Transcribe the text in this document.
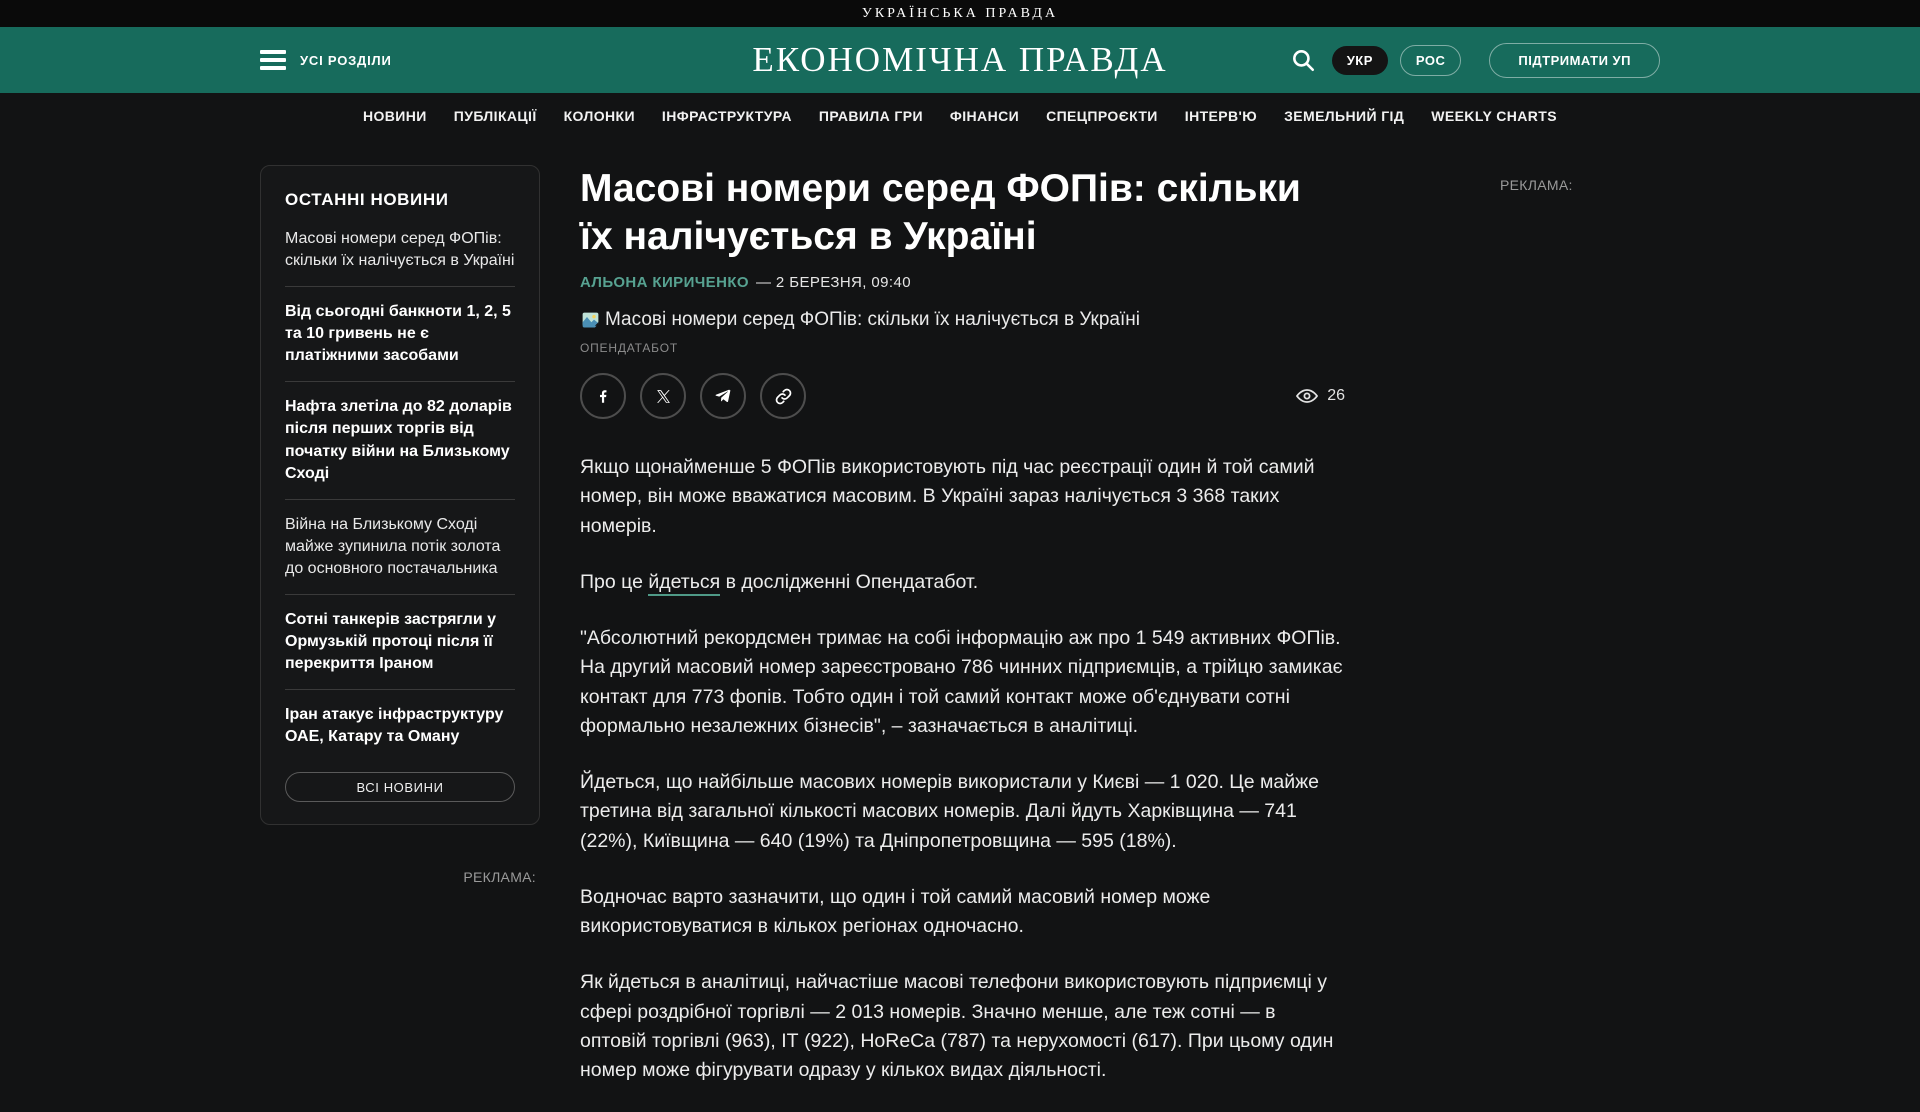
УКРАЇНСЬКА ПРАВДА
УСІ РОЗДІЛИ	ЕКОНОМІЧНА ПРАВДА	УКР	РОС	ПІДТРИМАТИ УП
НОВИНИ ПУБЛІКАЦІЇ КОЛОНКИ ІНФРАСТРУКТУРА ПРАВИЛА ГРИ ФІНАНСИ СПЕЦПРОЄКТИ ІНТЕРВ'Ю ЗЕМЕЛЬНИЙ ГІД WEEKLY CHARTS
ОСТАННІ НОВИНИ
Масові номери серед ФОПів: скільки їх налічується в Україні
Від сьогодні банкноти 1, 2, 5 та 10 гривень не є платіжними засобами
Нафта злетіла до 82 доларів після перших торгів від початку війни на Близькому Сході
Війна на Близькому Сході майже зупинила потік золота до основного постачальника
Сотні танкерів застрягли у Ормузькій протоці після її перекриття Іраном
Іран атакує інфраструктуру ОАЕ, Катару та Оману
ВСІ НОВИНИ
РЕКЛАМА:
Масові номери серед ФОПів: скільки їх налічується в Україні
АЛЬОНА КИРИЧЕНКО — 2 БЕРЕЗНЯ, 09:40
Масові номери серед ФОПів: скільки їх налічується в Україні
ОПЕНДАТАБОТ
26

Якщо щонайменше 5 ФОПів використовують під час реєстрації один й той самий номер, він може вважатися масовим. В Україні зараз налічується 3 368 таких номерів.

Про це йдеться в дослідженні Опендатабот.

"Абсолютний рекордсмен тримає на собі інформацію аж про 1 549 активних ФОПів. На другий масовий номер зареєстровано 786 чинних підприємців, а трійцю замикає контакт для 773 фопів. Тобто один і той самий контакт може об'єднувати сотні формально незалежних бізнесів", – зазначається в аналітиці.

Йдеться, що найбільше масових номерів використали у Києві — 1 020. Це майже третина від загальної кількості масових номерів. Далі йдуть Харківщина — 741 (22%), Київщина — 640 (19%) та Дніпропетровщина — 595 (18%).

Водночас варто зазначити, що один і той самий масовий номер може використовуватися в кількох регіонах одночасно.

Як йдеться в аналітиці, найчастіше масові телефони використовують підприємці у сфері роздрібної торгівлі — 2 013 номерів. Значно менше, але теж сотні — в оптовій торгівлі (963), ІТ (922), HoReCa (787) та нерухомості (617). При цьому один номер може фігурувати одразу у кількох видах діяльності.

РЕКЛАМА:
